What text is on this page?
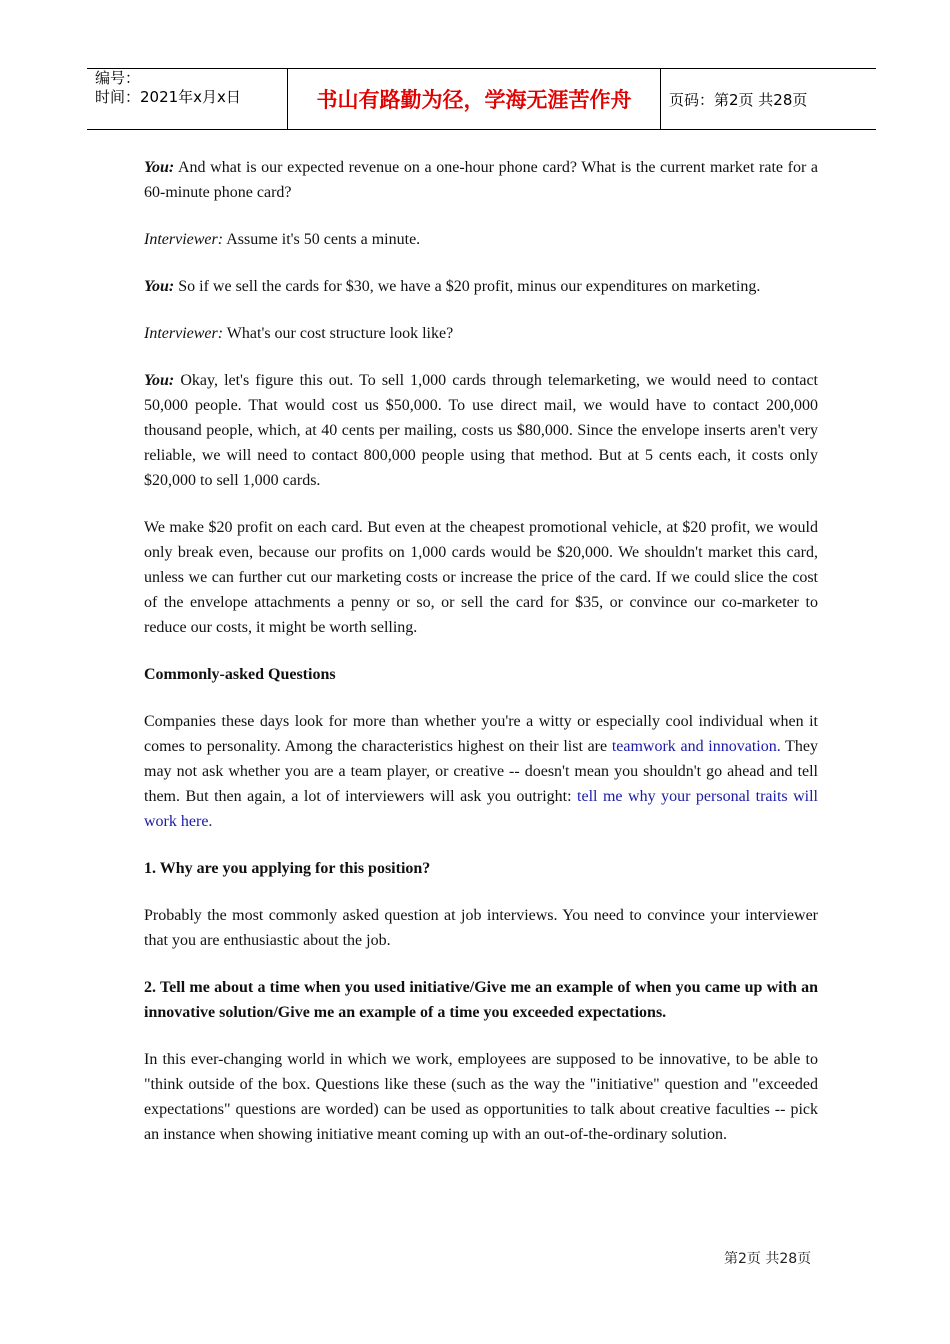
编号：
时间：2021年x月x日	书山有路勤为径，学海无涯苦作舟	页码：第2页 共28页

You: And what is our expected revenue on a one-hour phone card? What is the current market rate for a 60-minute phone card?

Interviewer: Assume it's 50 cents a minute.

You: So if we sell the cards for $30, we have a $20 profit, minus our expenditures on marketing.

Interviewer: What's our cost structure look like?

You: Okay, let's figure this out. To sell 1,000 cards through telemarketing, we would need to contact 50,000 people. That would cost us $50,000. To use direct mail, we would have to contact 200,000 thousand people, which, at 40 cents per mailing, costs us $80,000. Since the envelope inserts aren't very reliable, we will need to contact 800,000 people using that method. But at 5 cents each, it costs only $20,000 to sell 1,000 cards.

We make $20 profit on each card. But even at the cheapest promotional vehicle, at $20 profit, we would only break even, because our profits on 1,000 cards would be $20,000. We shouldn't market this card, unless we can further cut our marketing costs or increase the price of the card. If we could slice the cost of the envelope attachments a penny or so, or sell the card for $35, or convince our co-marketer to reduce our costs, it might be worth selling.

Commonly-asked Questions

Companies these days look for more than whether you're a witty or especially cool individual when it comes to personality. Among the characteristics highest on their list are teamwork and innovation. They may not ask whether you are a team player, or creative -- doesn't mean you shouldn't go ahead and tell them. But then again, a lot of interviewers will ask you outright: tell me why your personal traits will work here.

1. Why are you applying for this position?

Probably the most commonly asked question at job interviews. You need to convince your interviewer that you are enthusiastic about the job.

2. Tell me about a time when you used initiative/Give me an example of when you came up with an innovative solution/Give me an example of a time you exceeded expectations.

In this ever-changing world in which we work, employees are supposed to be innovative, to be able to "think outside of the box. Questions like these (such as the way the "initiative" question and "exceeded expectations" questions are worded) can be used as opportunities to talk about creative faculties -- pick an instance when showing initiative meant coming up with an out-of-the-ordinary solution.

第2页 共28页
